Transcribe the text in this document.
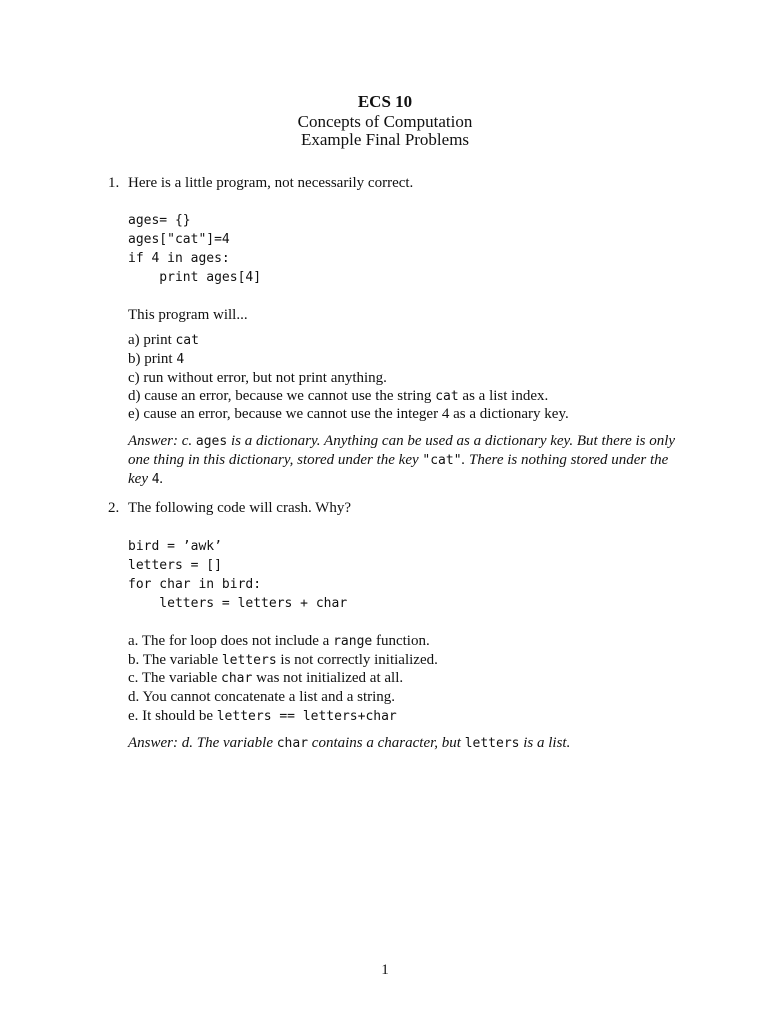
ECS 10
Concepts of Computation
Example Final Problems
1. Here is a little program, not necessarily correct.
ages= {}
ages["cat"]=4
if 4 in ages:
print ages[4]
This program will...
a) print cat
b) print 4
c) run without error, but not print anything.
d) cause an error, because we cannot use the string cat as a list index.
e) cause an error, because we cannot use the integer 4 as a dictionary key.
Answer: c. ages is a dictionary. Anything can be used as a dictionary key. But there is only one thing in this dictionary, stored under the key "cat". There is nothing stored under the key 4.
2. The following code will crash. Why?
bird = ’awk’
letters = []
for char in bird:
letters = letters + char
a. The for loop does not include a range function.
b. The variable letters is not correctly initialized.
c. The variable char was not initialized at all.
d. You cannot concatenate a list and a string.
e. It should be letters == letters+char
Answer: d. The variable char contains a character, but letters is a list.
1
